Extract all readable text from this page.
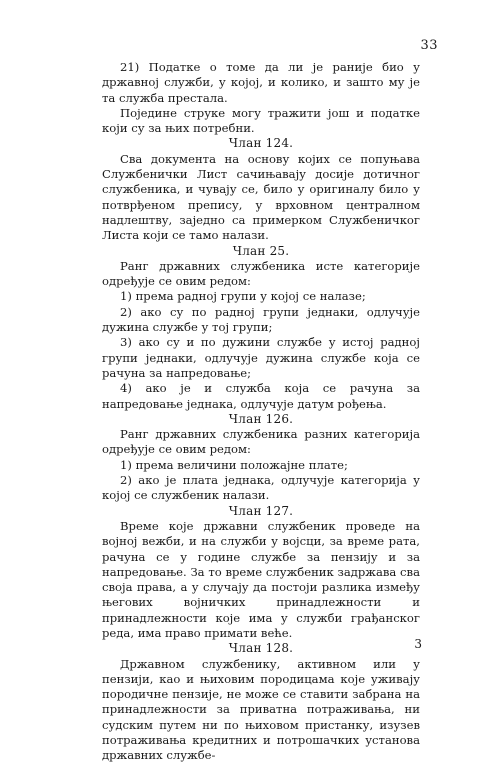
33

21) Податке о томе да ли је раније био у државној служби, у којој, и колико, и зашто му је та служба престала.

Поједине струке могу тражити још и податке који су за њих потребни.

Члан 124.

Сва документа на основу којих се попуњава Службенички Лист сачињавају досије дотичног службеника, и чувају се, било у оригиналу било у потврђеном препису, у врховном централном надлештву, заједно са примерком Службеничког Листа који се тамо налази.

Члан 25.

Ранг државних службеника исте категорије одређује се овим редом:

1) према радној групи у којој се налазе;

2) ако су по радној групи једнаки, одлучује дужина службе у тој групи;

3) ако су и по дужини службе у истој радној групи једнаки, одлучује дужина службе која се рачуна за напредовање;

4) ако је и служба која се рачуна за напредовање једнака, одлучује датум рођења.

Члан 126.

Ранг државних службеника разних категорија одређује се овим редом:

1) према величини положајне плате;

2) ако је плата једнака, одлучује категорија у којој се службеник налази.

Члан 127.

Време које државни службеник проведе на војној вежби, и на служби у војсци, за време рата, рачуна се у године службе за пензију и за напредовање. За то време службеник задржава сва своја права, а у случају да постоји разлика између његових војничких принадлежности и принадлежности које има у служби грађанског реда, има право примати веће.

Члан 128.

Државном службенику, активном или у пензији, као и њиховим породицама које уживају породичне пензије, не може се ставити забрана на принадлежности за приватна потраживања, ни судским путем ни по њиховом пристанку, изузев потраживања кредитних и потрошачких установа државних службе-

3
